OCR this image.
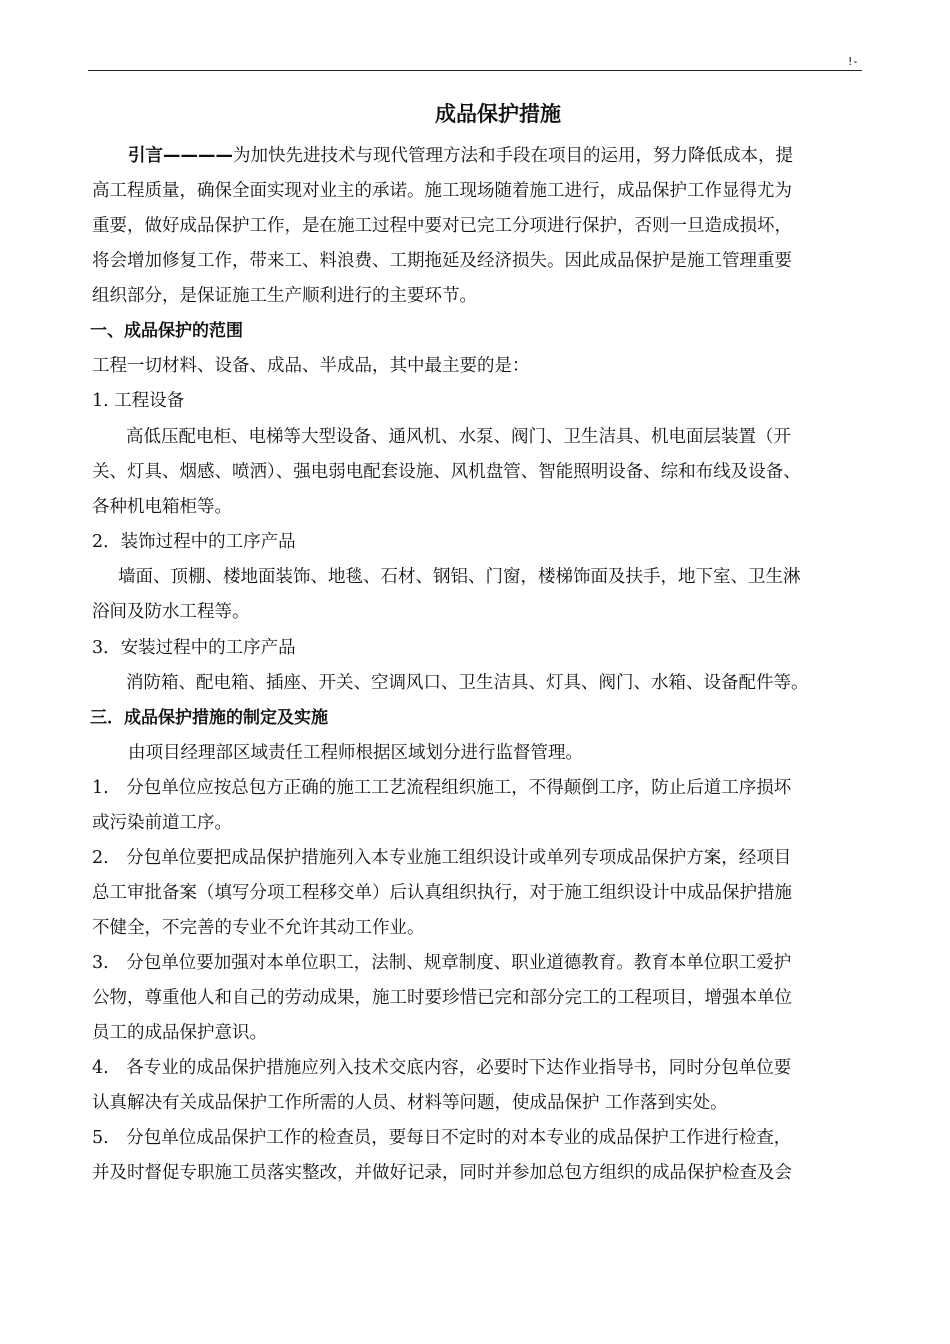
!-
成品保护措施
引言————为加快先进技术与现代管理方法和手段在项目的运用，努力降低成本，提
高工程质量，确保全面实现对业主的承诺。施工现场随着施工进行，成品保护工作显得尤为
重要，做好成品保护工作，是在施工过程中要对已完工分项进行保护，否则一旦造成损坏，
将会增加修复工作，带来工、料浪费、工期拖延及经济损失。因此成品保护是施工管理重要
组织部分，是保证施工生产顺利进行的主要环节。
一、成品保护的范围
工程一切材料、设备、成品、半成品，其中最主要的是：
1. 工程设备
高低压配电柜、电梯等大型设备、通风机、水泵、阀门、卫生洁具、机电面层装置（开
关、灯具、烟感、喷洒）、强电弱电配套设施、风机盘管、智能照明设备、综和布线及设备、
各种机电箱柜等。
2．装饰过程中的工序产品
墙面、顶棚、楼地面装饰、地毯、石材、钢铝、门窗，楼梯饰面及扶手，地下室、卫生淋
浴间及防水工程等。
3．安装过程中的工序产品
消防箱、配电箱、插座、开关、空调风口、卫生洁具、灯具、阀门、水箱、设备配件等。
三．成品保护措施的制定及实施
由项目经理部区域责任工程师根据区域划分进行监督管理。
1.　分包单位应按总包方正确的施工工艺流程组织施工，不得颠倒工序，防止后道工序损坏
或污染前道工序。
2.　分包单位要把成品保护措施列入本专业施工组织设计或单列专项成品保护方案，经项目
总工审批备案（填写分项工程移交单）后认真组织执行，对于施工组织设计中成品保护措施
不健全，不完善的专业不允许其动工作业。
3.　分包单位要加强对本单位职工，法制、规章制度、职业道德教育。教育本单位职工爱护
公物，尊重他人和自己的劳动成果，施工时要珍惜已完和部分完工的工程项目，增强本单位
员工的成品保护意识。
4.　各专业的成品保护措施应列入技术交底内容，必要时下达作业指导书，同时分包单位要
认真解决有关成品保护工作所需的人员、材料等问题，使成品保护 工作落到实处。
5.　分包单位成品保护工作的检查员，要每日不定时的对本专业的成品保护工作进行检查，
并及时督促专职施工员落实整改，并做好记录，同时并参加总包方组织的成品保护检查及会
